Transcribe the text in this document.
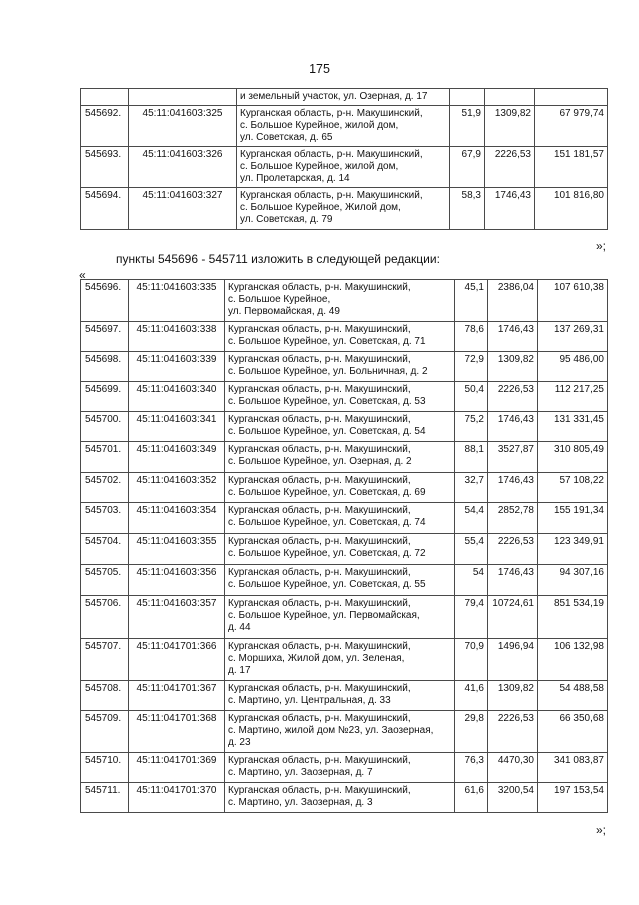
175
		и земельный участок, ул. Озерная, д. 17			
545692.	45:11:041603:325	Курганская область, р-н. Макушинский,
с. Большое Курейное, жилой дом,
ул. Советская, д. 65	51,9	1309,82	67 979,74
545693.	45:11:041603:326	Курганская область, р-н. Макушинский,
с. Большое Курейное, жилой дом,
ул. Пролетарская, д. 14	67,9	2226,53	151 181,57
545694.	45:11:041603:327	Курганская область, р-н. Макушинский,
с. Большое Курейное, Жилой дом,
ул. Советская, д. 79	58,3	1746,43	101 816,80
»;
пункты 545696 - 545711 изложить в следующей редакции:
«
545696.	45:11:041603:335	Курганская область, р-н. Макушинский,
с. Большое Курейное,
ул. Первомайская, д. 49	45,1	2386,04	107 610,38
545697.	45:11:041603:338	Курганская область, р-н. Макушинский,
с. Большое Курейное, ул. Советская, д. 71	78,6	1746,43	137 269,31
545698.	45:11:041603:339	Курганская область, р-н. Макушинский,
с. Большое Курейное, ул. Больничная, д. 2	72,9	1309,82	95 486,00
545699.	45:11:041603:340	Курганская область, р-н. Макушинский,
с. Большое Курейное, ул. Советская, д. 53	50,4	2226,53	112 217,25
545700.	45:11:041603:341	Курганская область, р-н. Макушинский,
с. Большое Курейное, ул. Советская, д. 54	75,2	1746,43	131 331,45
545701.	45:11:041603:349	Курганская область, р-н. Макушинский,
с. Большое Курейное, ул. Озерная, д. 2	88,1	3527,87	310 805,49
545702.	45:11:041603:352	Курганская область, р-н. Макушинский,
с. Большое Курейное, ул. Советская, д. 69	32,7	1746,43	57 108,22
545703.	45:11:041603:354	Курганская область, р-н. Макушинский,
с. Большое Курейное, ул. Советская, д. 74	54,4	2852,78	155 191,34
545704.	45:11:041603:355	Курганская область, р-н. Макушинский,
с. Большое Курейное, ул. Советская, д. 72	55,4	2226,53	123 349,91
545705.	45:11:041603:356	Курганская область, р-н. Макушинский,
с. Большое Курейное, ул. Советская, д. 55	54	1746,43	94 307,16
545706.	45:11:041603:357	Курганская область, р-н. Макушинский,
с. Большое Курейное, ул. Первомайская,
д. 44	79,4	10724,61	851 534,19
545707.	45:11:041701:366	Курганская область, р-н. Макушинский,
с. Моршиха, Жилой дом, ул. Зеленая,
д. 17	70,9	1496,94	106 132,98
545708.	45:11:041701:367	Курганская область, р-н. Макушинский,
с. Мартино, ул. Центральная, д. 33	41,6	1309,82	54 488,58
545709.	45:11:041701:368	Курганская область, р-н. Макушинский,
с. Мартино, жилой дом №23, ул. Заозерная,
д. 23	29,8	2226,53	66 350,68
545710.	45:11:041701:369	Курганская область, р-н. Макушинский,
с. Мартино, ул. Заозерная, д. 7	76,3	4470,30	341 083,87
545711.	45:11:041701:370	Курганская область, р-н. Макушинский,
с. Мартино, ул. Заозерная, д. 3	61,6	3200,54	197 153,54
»;
